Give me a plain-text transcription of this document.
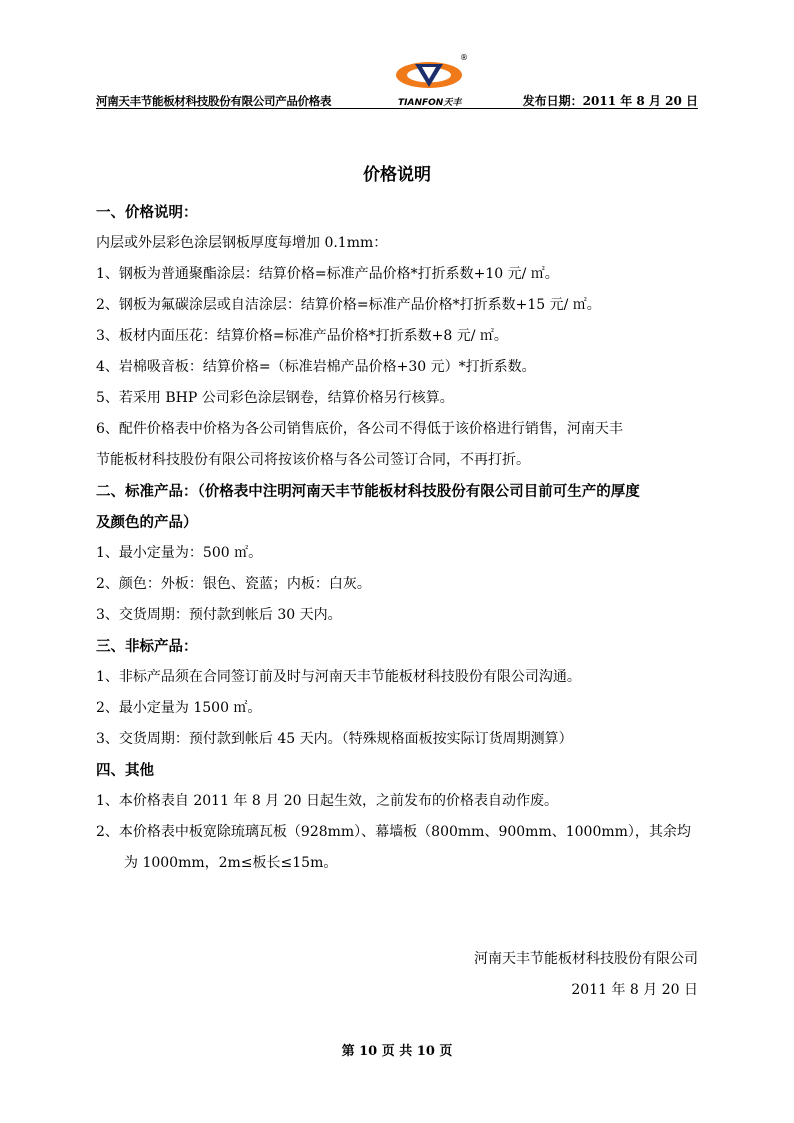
河南天丰节能板材科技股份有限公司产品价格表
®
TIANFON天丰	发布日期：2011 年 8 月 20 日
价格说明
一、价格说明：
内层或外层彩色涂层钢板厚度每增加 0.1mm：
1、钢板为普通聚酯涂层：结算价格=标准产品价格*打折系数+10 元/ ㎡。
2、钢板为氟碳涂层或自洁涂层：结算价格=标准产品价格*打折系数+15 元/ ㎡。
3、板材内面压花：结算价格=标准产品价格*打折系数+8 元/ ㎡。
4、岩棉吸音板：结算价格=（标准岩棉产品价格+30 元）*打折系数。
5、若采用 BHP 公司彩色涂层钢卷，结算价格另行核算。
6、配件价格表中价格为各公司销售底价，各公司不得低于该价格进行销售，河南天丰
节能板材科技股份有限公司将按该价格与各公司签订合同，不再打折。
二、标准产品：（价格表中注明河南天丰节能板材科技股份有限公司目前可生产的厚度
及颜色的产品）
1、最小定量为：500 ㎡。
2、颜色：外板：银色、瓷蓝；内板：白灰。
3、交货周期：预付款到帐后 30 天内。
三、非标产品：
1、非标产品须在合同签订前及时与河南天丰节能板材科技股份有限公司沟通。
2、最小定量为 1500 ㎡。
3、交货周期：预付款到帐后 45 天内。（特殊规格面板按实际订货周期测算）
四、其他
1、本价格表自 2011 年 8 月 20 日起生效，之前发布的价格表自动作废。
2、本价格表中板宽除琉璃瓦板（928mm）、幕墙板（800mm、900mm、1000mm），其余均
为 1000mm，2m≤板长≤15m。
河南天丰节能板材科技股份有限公司
2011 年 8 月 20 日
第 10 页 共 10 页
